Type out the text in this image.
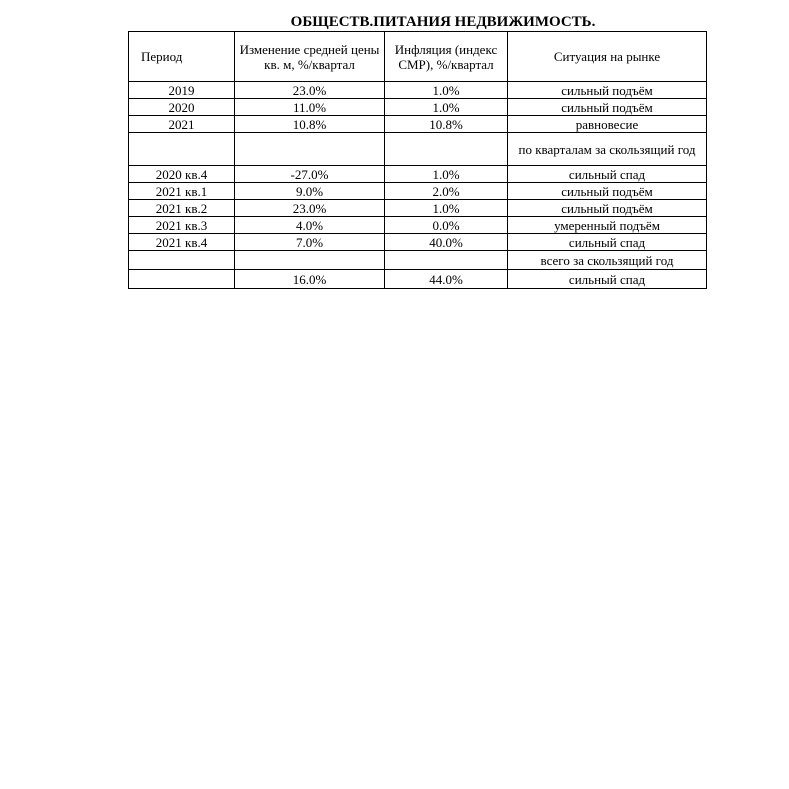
ОБЩЕСТВ.ПИТАНИЯ НЕДВИЖИМОСТЬ.
Период	Изменение средней цены кв. м, %/квартал	Инфляция (индекс СМР), %/квартал	Ситуация на рынке
2019	23.0%	1.0%	сильный подъём
2020	11.0%	1.0%	сильный подъём
2021	10.8%	10.8%	равновесие
			по кварталам за скользящий год
2020 кв.4	-27.0%	1.0%	сильный спад
2021 кв.1	9.0%	2.0%	сильный подъём
2021 кв.2	23.0%	1.0%	сильный подъём
2021 кв.3	4.0%	0.0%	умеренный подъём
2021 кв.4	7.0%	40.0%	сильный спад
			всего за скользящий год
	16.0%	44.0%	сильный спад
